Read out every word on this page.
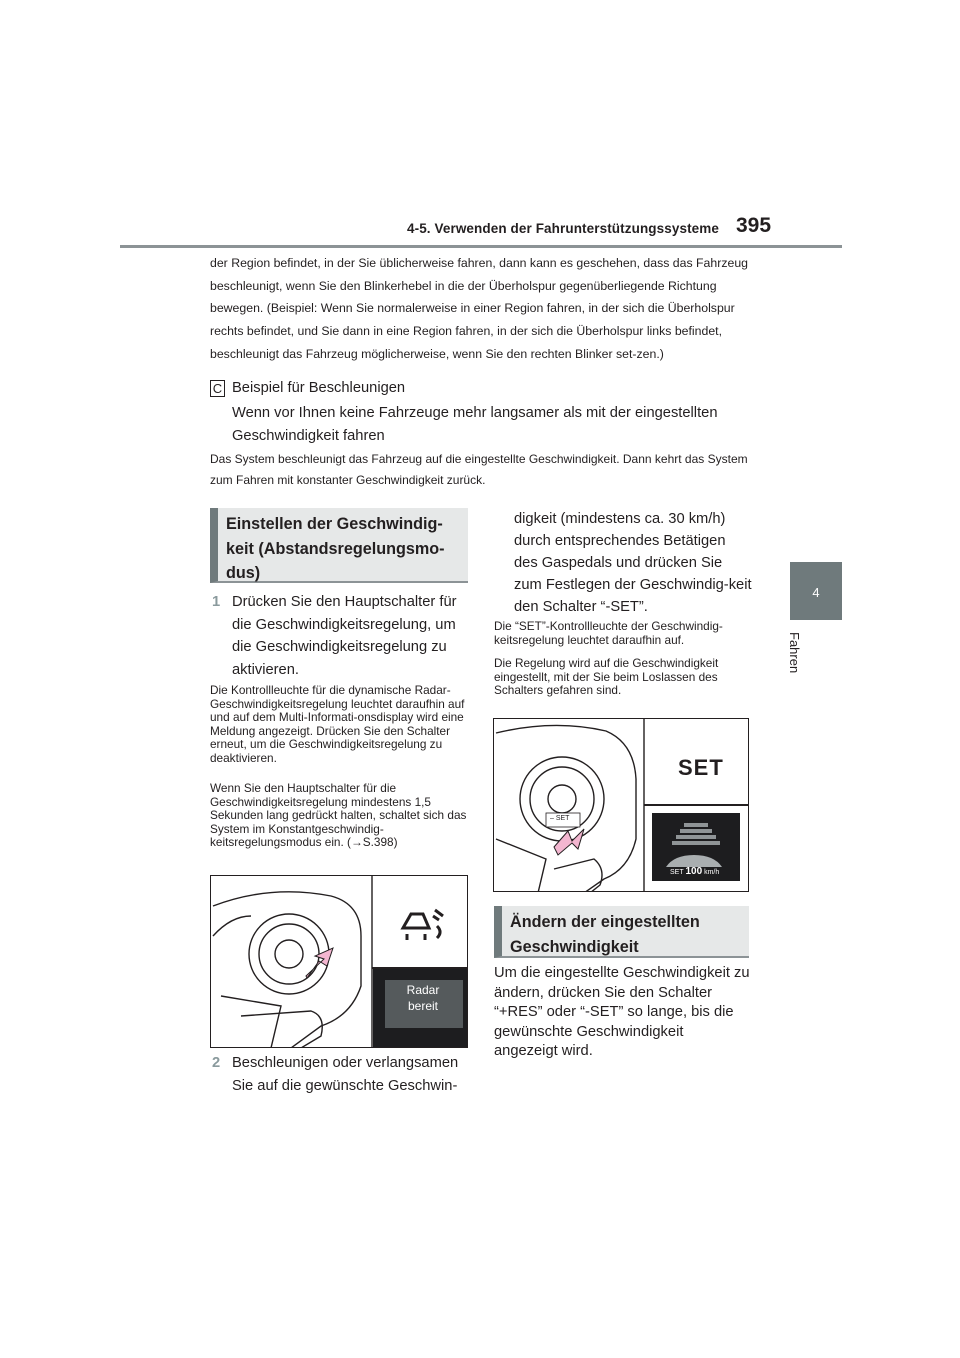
4-5. Verwenden der Fahrunterstützungssysteme 395
4
Fahren
der Region befindet, in der Sie üblicherweise fahren, dann kann es geschehen, dass das Fahrzeug beschleunigt, wenn Sie den Blinkerhebel in die der Überholspur gegenüberliegende Richtung bewegen. (Beispiel: Wenn Sie normalerweise in einer Region fahren, in der sich die Überholspur rechts befindet, und Sie dann in eine Region fahren, in der sich die Überholspur links befindet, beschleunigt das Fahrzeug möglicherweise, wenn Sie den rechten Blinker set-zen.)
C Beispiel für Beschleunigen
Wenn vor Ihnen keine Fahrzeuge mehr langsamer als mit der eingestellten Geschwindigkeit fahren
Das System beschleunigt das Fahrzeug auf die eingestellte Geschwindigkeit. Dann kehrt das System zum Fahren mit konstanter Geschwindigkeit zurück.
Einstellen der Geschwindig-keit (Abstandsregelungsmo-dus)
1 Drücken Sie den Hauptschalter für die Geschwindigkeitsregelung, um die Geschwindigkeitsregelung zu aktivieren.
Die Kontrollleuchte für die dynamische Radar-Geschwindigkeitsregelung leuchtet daraufhin auf und auf dem Multi-Informati-onsdisplay wird eine Meldung angezeigt. Drücken Sie den Schalter erneut, um die Geschwindigkeitsregelung zu deaktivieren.
Wenn Sie den Hauptschalter für die Geschwindigkeitsregelung mindestens 1,5 Sekunden lang gedrückt halten, schaltet sich das System im Konstantgeschwindig-keitsregelungsmodus ein. (→S.398)
Radar
bereit
2 Beschleunigen oder verlangsamen Sie auf die gewünschte Geschwin-
digkeit (mindestens ca. 30 km/h) durch entsprechendes Betätigen des Gaspedals und drücken Sie zum Festlegen der Geschwindig-keit den Schalter “-SET”.
Die “SET”-Kontrollleuchte der Geschwindig-keitsregelung leuchtet daraufhin auf.
Die Regelung wird auf die Geschwindigkeit eingestellt, mit der Sie beim Loslassen des Schalters gefahren sind.
SET
– SET
SET 100 km/h
Ändern der eingestellten Geschwindigkeit
Um die eingestellte Geschwindigkeit zu ändern, drücken Sie den Schalter “+RES” oder “-SET” so lange, bis die gewünschte Geschwindigkeit angezeigt wird.
